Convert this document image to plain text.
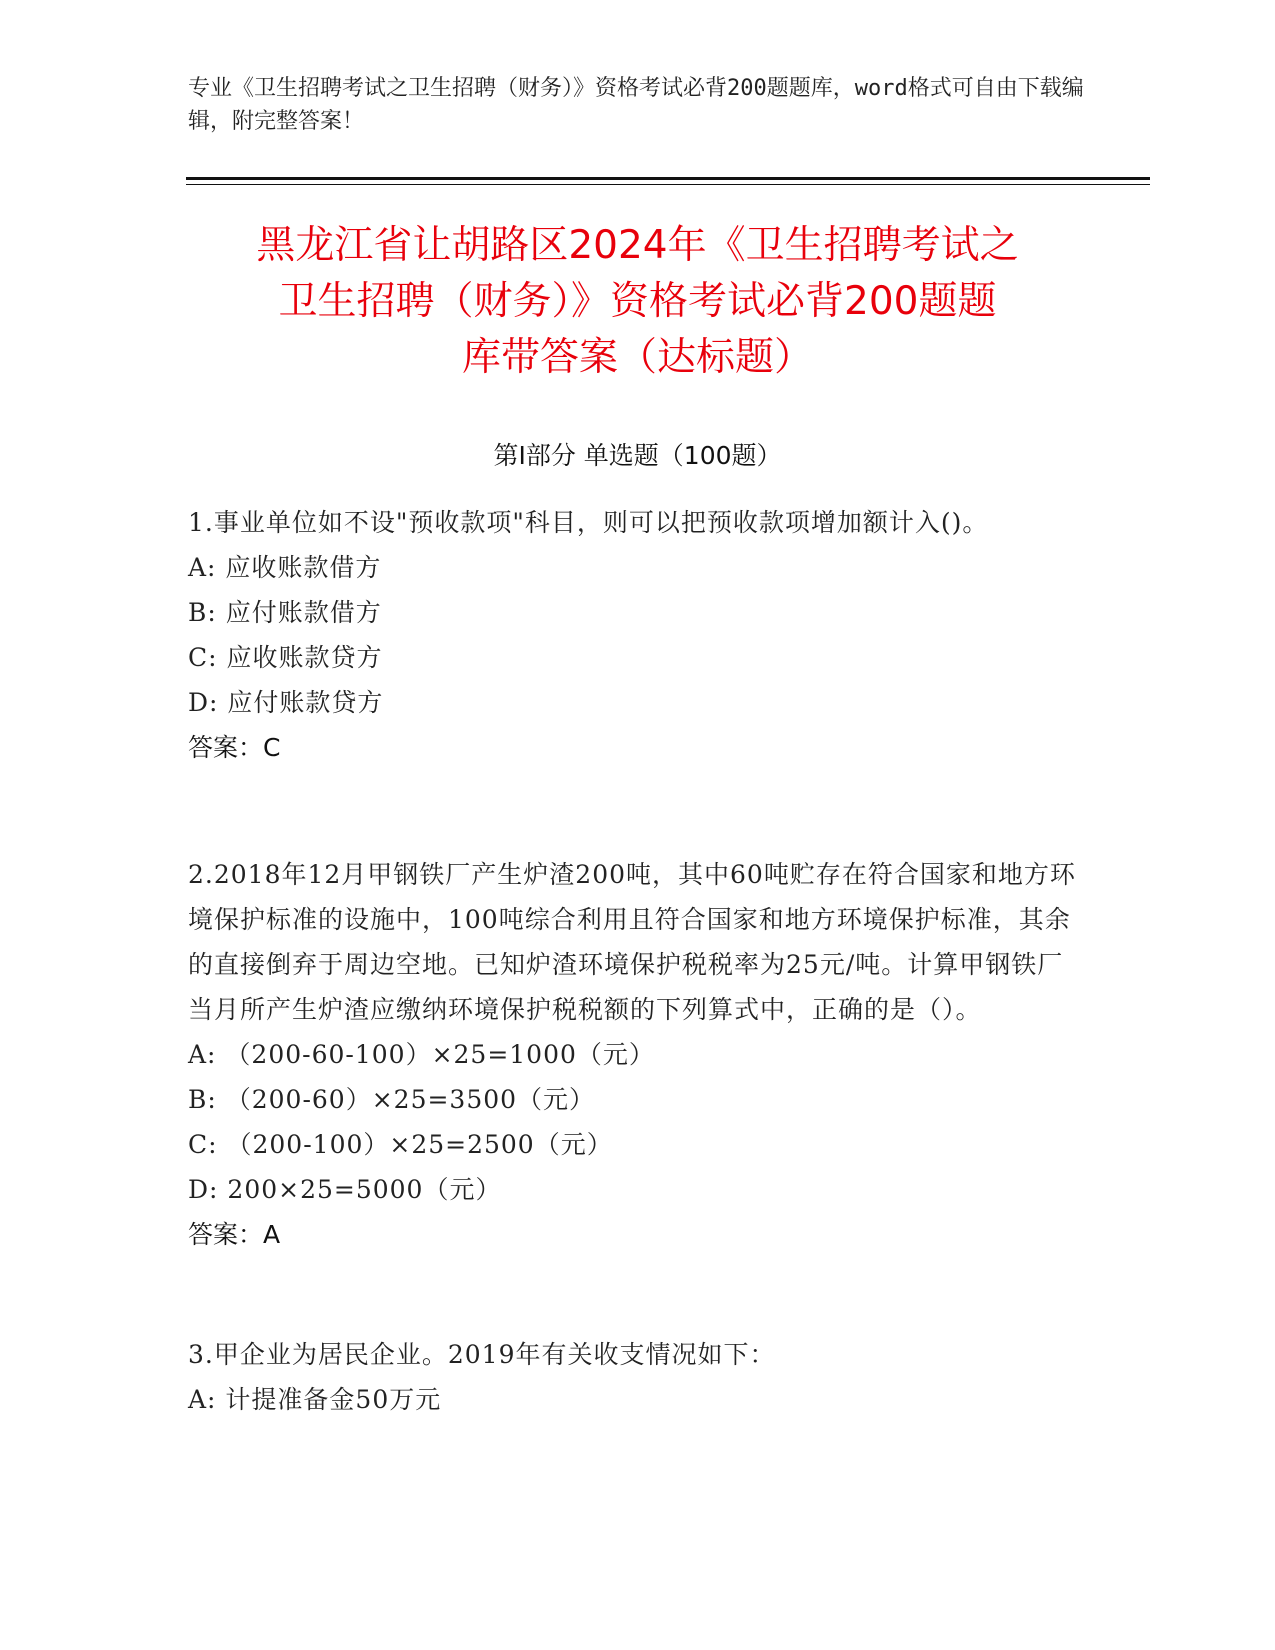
专业《卫生招聘考试之卫生招聘（财务）》资格考试必背200题题库，word格式可自由下载编辑，附完整答案！
黑龙江省让胡路区2024年《卫生招聘考试之
卫生招聘（财务）》资格考试必背200题题
库带答案（达标题）
第I部分 单选题（100题）
1.事业单位如不设"预收款项"科目，则可以把预收款项增加额计入()。
A: 应收账款借方
B: 应付账款借方
C: 应收账款贷方
D: 应付账款贷方
答案：C
2.2018年12月甲钢铁厂产生炉渣200吨，其中60吨贮存在符合国家和地方环境保护标准的设施中，100吨综合利用且符合国家和地方环境保护标准，其余的直接倒弃于周边空地。已知炉渣环境保护税税率为25元/吨。计算甲钢铁厂当月所产生炉渣应缴纳环境保护税税额的下列算式中，正确的是（）。
A: （200-60-100）×25=1000（元）
B: （200-60）×25=3500（元）
C: （200-100）×25=2500（元）
D: 200×25=5000（元）
答案：A
3.甲企业为居民企业。2019年有关收支情况如下：
A: 计提准备金50万元
